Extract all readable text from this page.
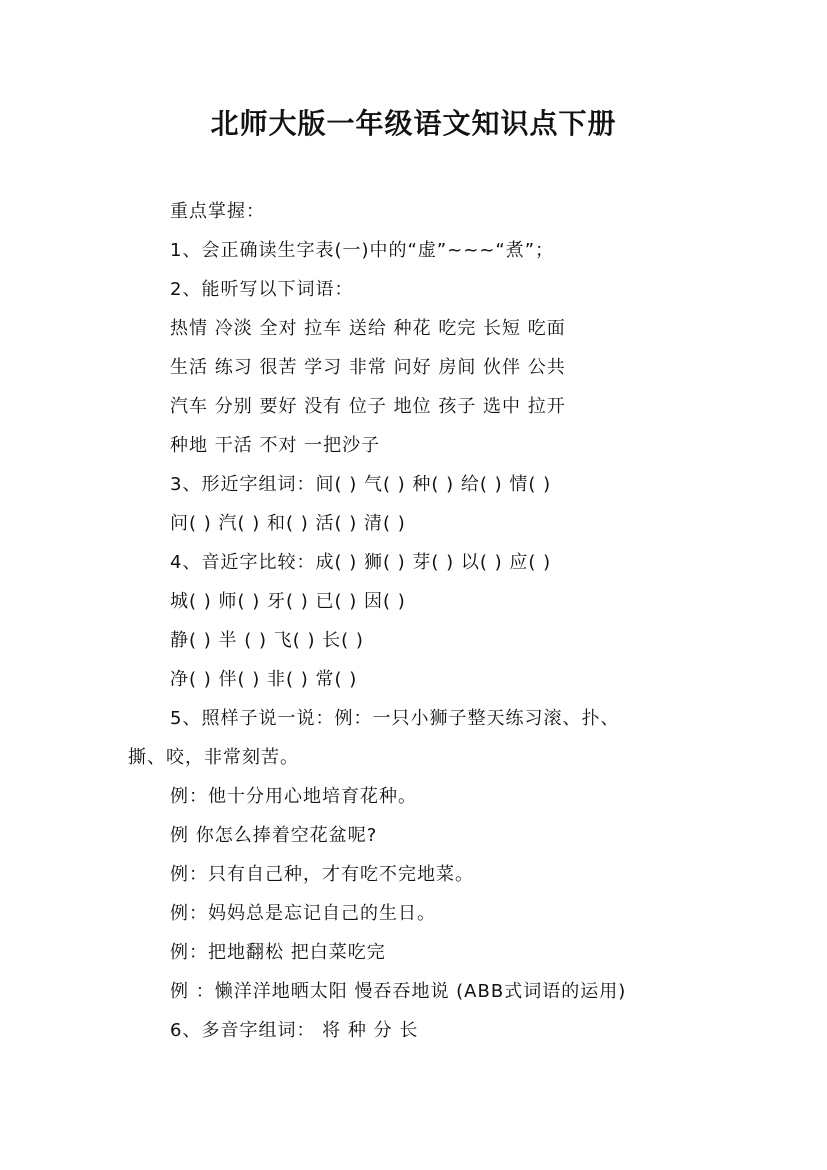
北师大版一年级语文知识点下册
重点掌握：
1、会正确读生字表(一)中的“虚”~~~“煮”；
2、能听写以下词语：
热情 冷淡 全对 拉车 送给 种花 吃完 长短 吃面
生活 练习 很苦 学习 非常 问好 房间 伙伴 公共
汽车 分别 要好 没有 位子 地位 孩子 选中 拉开
种地 干活 不对 一把沙子
3、形近字组词：间( ) 气( ) 种( ) 给( ) 情( )
问( ) 汽( ) 和( ) 活( ) 清( )
4、音近字比较：成( ) 狮( ) 芽( ) 以( ) 应( )
城( ) 师( ) 牙( ) 已( ) 因( )
静( ) 半 ( ) 飞( ) 长( )
净( ) 伴( ) 非( ) 常( )
5、照样子说一说：例：一只小狮子整天练习滚、扑、
撕、咬，非常刻苦。
例：他十分用心地培育花种。
例 你怎么捧着空花盆呢?
例：只有自己种，才有吃不完地菜。
例：妈妈总是忘记自己的生日。
例：把地翻松 把白菜吃完
例 ：懒洋洋地晒太阳 慢吞吞地说 (ABB式词语的运用)
6、多音字组词： 将 种 分 长
